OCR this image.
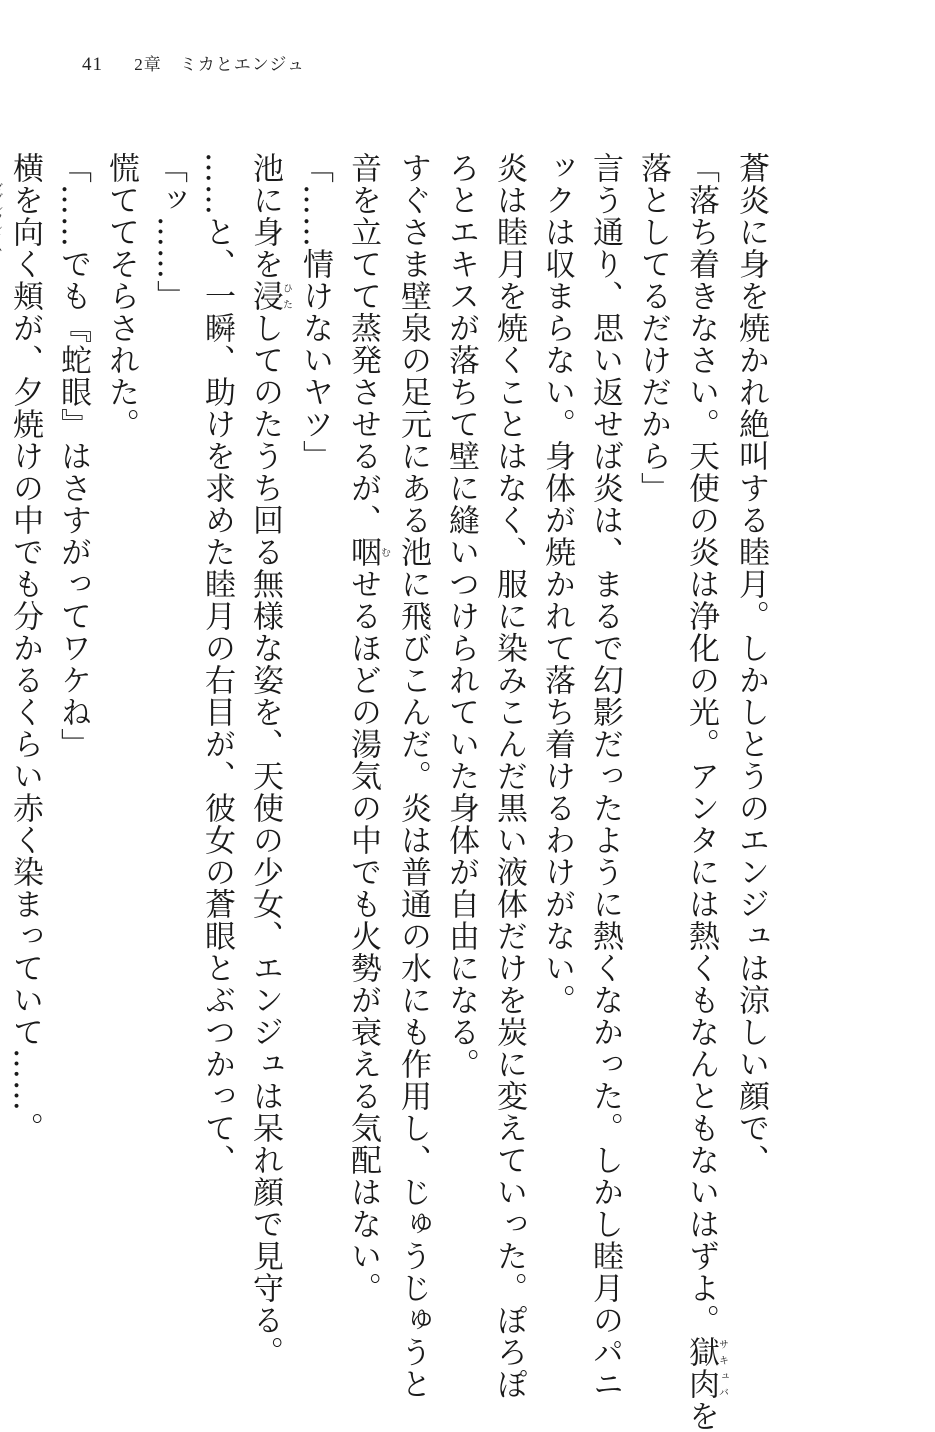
41 2章　ミカとエンジュ

蒼炎に身を焼かれ絶叫する睦月。しかしとうのエンジュは涼しい顔で、

「落ち着きなさい。天使の炎は浄化の光。アンタには熱くもなんともないはずよ。獄肉サキュバを

落としてるだけだから」

言う通り、思い返せば炎は、まるで幻影だったように熱くなかった。しかし睦月のパニ

ックは収まらない。身体が焼かれて落ち着けるわけがない。

炎は睦月を焼くことはなく、服に染みこんだ黒い液体だけを炭に変えていった。ぽろぽ

ろとエキスが落ちて壁に縫いつけられていた身体が自由になる。

すぐさま壁泉の足元にある池に飛びこんだ。炎は普通の水にも作用し、じゅうじゅうと

音を立てて蒸発させるが、咽むせるほどの湯気の中でも火勢が衰える気配はない。

「……情けないヤツ」

池に身を浸ひたしてのたうち回る無様な姿を、天使の少女、エンジュは呆れ顔で見守る。

……と、一瞬、助けを求めた睦月の右目が、彼女の蒼眼とぶつかって、

「ッ……」

慌ててそらされた。

「……でも『蛇眼』はさすがってワケね」

横を向く頬が、夕焼けの中でも分かるくらい赤く染まっていて……。
